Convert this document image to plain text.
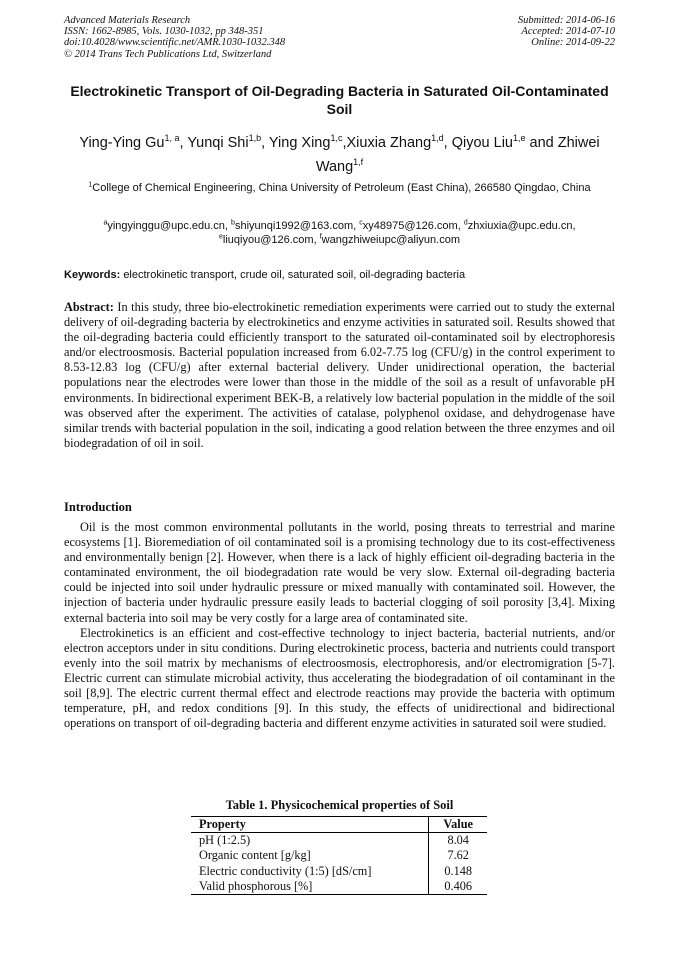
Advanced Materials Research
ISSN: 1662-8985, Vols. 1030-1032, pp 348-351
doi:10.4028/www.scientific.net/AMR.1030-1032.348
© 2014 Trans Tech Publications Ltd, Switzerland
Submitted: 2014-06-16
Accepted: 2014-07-10
Online: 2014-09-22
Electrokinetic Transport of Oil-Degrading Bacteria in Saturated Oil-Contaminated Soil
Ying-Ying Gu$^{1, a}$, Yunqi Shi$^{1,b}$, Ying Xing$^{1,c}$,Xiuxia Zhang$^{1,d}$, Qiyou Liu$^{1,e}$ and Zhiwei Wang$^{1,f}$
$^1$College of Chemical Engineering, China University of Petroleum (East China), 266580 Qingdao, China
$^a$yingyinggu@upc.edu.cn, $^b$shiyunqi1992@163.com, $^c$xy48975@126.com, $^d$zhxiuxia@upc.edu.cn,
$^e$liuqiyou@126.com, $^f$wangzhiweiupc@aliyun.com
Keywords: electrokinetic transport, crude oil, saturated soil, oil-degrading bacteria
Abstract: In this study, three bio-electrokinetic remediation experiments were carried out to study the external delivery of oil-degrading bacteria by electrokinetics and enzyme activities in saturated soil. Results showed that the oil-degrading bacteria could efficiently transport to the saturated oil-contaminated soil by electrophoresis and/or electroosmosis. Bacterial population increased from 6.02-7.75 log (CFU/g) in the control experiment to 8.53-12.83 log (CFU/g) after external bacterial delivery. Under unidirectional operation, the bacterial populations near the electrodes were lower than those in the middle of the soil as a result of unfavorable pH environments. In bidirectional experiment BEK-B, a relatively low bacterial population in the middle of the soil was observed after the experiment. The activities of catalase, polyphenol oxidase, and dehydrogenase have similar trends with bacterial population in the soil, indicating a good relation between the three enzymes and oil biodegradation of oil in soil.
Introduction

Oil is the most common environmental pollutants in the world, posing threats to terrestrial and marine ecosystems [1]. Bioremediation of oil contaminated soil is a promising technology due to its cost-effectiveness and environmentally benign [2]. However, when there is a lack of highly efficient oil-degrading bacteria in the contaminated environment, the oil biodegradation rate would be very slow. External oil-degrading bacteria could be injected into soil under hydraulic pressure or mixed manually with contaminated soil. However, the injection of bacteria under hydraulic pressure easily leads to bacterial clogging of soil porosity [3,4]. Mixing external bacteria into soil may be very costly for a large area of contaminated site.

Electrokinetics is an efficient and cost-effective technology to inject bacteria, bacterial nutrients, and/or electron acceptors under in situ conditions. During electrokinetic process, bacteria and nutrients could transport evenly into the soil matrix by mechanisms of electroosmosis, electrophoresis, and/or electromigration [5-7]. Electric current can stimulate microbial activity, thus accelerating the biodegradation of oil contaminant in the soil [8,9]. The electric current thermal effect and electrode reactions may provide the bacteria with optimum temperature, pH, and redox conditions [9]. In this study, the effects of unidirectional and bidirectional operations on transport of oil-degrading bacteria and different enzyme activities in saturated soil were studied.

Table 1. Physicochemical properties of Soil
Property	Value
pH (1:2.5)	8.04
Organic content [g/kg]	7.62
Electric conductivity (1:5) [dS/cm]	0.148
Valid phosphorous [%]	0.406
